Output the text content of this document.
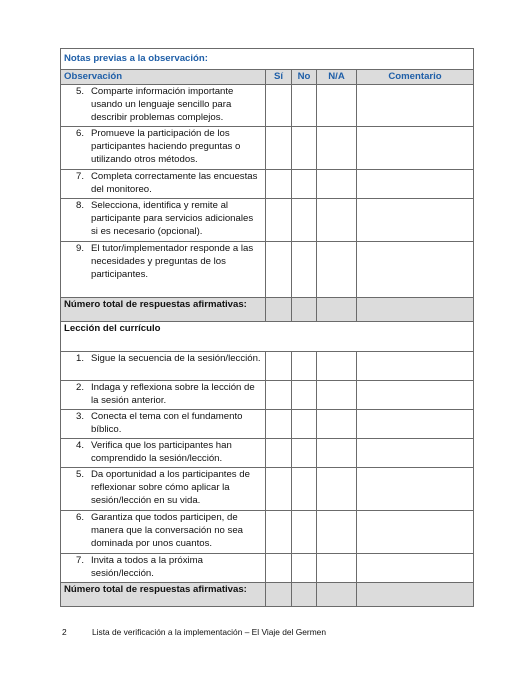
Notas previas a la observación:				
Observación	Sí	No	N/A	Comentario

5. Comparte información importante usando un lenguaje sencillo para describir problemas complejos.				

6. Promueve la participación de los participantes haciendo preguntas o utilizando otros métodos.				

7. Completa correctamente las encuestas del monitoreo.				

8. Selecciona, identifica y remite al participante para servicios adicionales si es necesario (opcional).				

9. El tutor/implementador responde a las necesidades y preguntas de los participantes.				

Número total de respuestas afirmativas:				
Lección del currículo				

1. Sigue la secuencia de la sesión/lección.				

2. Indaga y reflexiona sobre la lección de la sesión anterior.				

3. Conecta el tema con el fundamento bíblico.				

4. Verifica que los participantes han comprendido la sesión/lección.				

5. Da oportunidad a los participantes de reflexionar sobre cómo aplicar la sesión/lección en su vida.				

6. Garantiza que todos participen, de manera que la conversación no sea dominada por unos cuantos.				

7. Invita a todos a la próxima sesión/lección.				

Número total de respuestas afirmativas:				
2	Lista de verificación a la implementación – El Viaje del Germen
